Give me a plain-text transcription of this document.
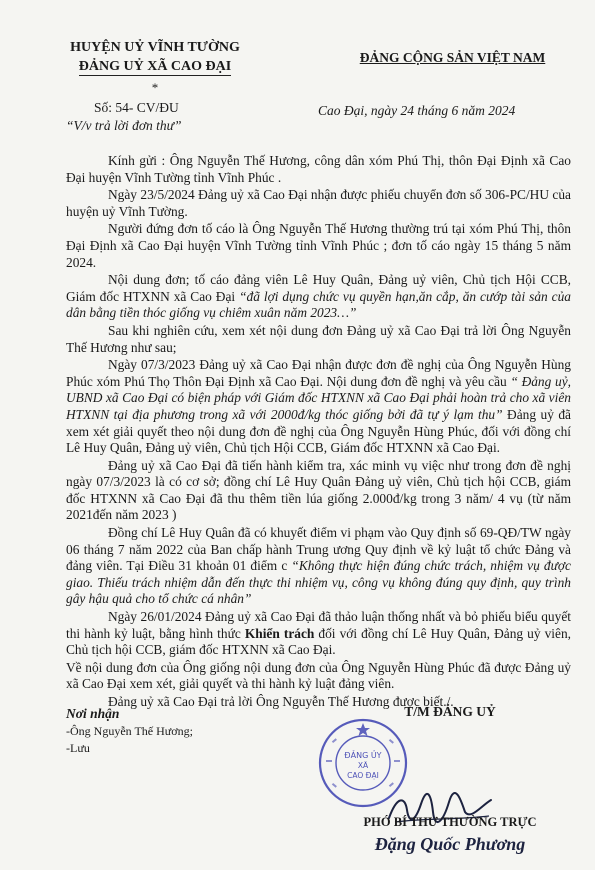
HUYỆN UỶ VĨNH TƯỜNG
ĐẢNG UỶ XÃ CAO ĐẠI
*
ĐẢNG CỘNG SẢN VIỆT NAM
Số: 54- CV/ĐU
“V/v trả lời đơn thư”
Cao Đại, ngày 24 tháng 6 năm 2024

Kính gửi : Ông Nguyễn Thế Hương, công dân xóm Phú Thị, thôn Đại Định xã Cao Đại huyện Vĩnh Tường tỉnh Vĩnh Phúc .

Ngày 23/5/2024 Đảng uỷ xã Cao Đại nhận được phiếu chuyển đơn số 306-PC/HU của huyện uỷ Vĩnh Tường.

Người đứng đơn tố cáo là Ông Nguyễn Thế Hương thường trú tại xóm Phú Thị, thôn Đại Định xã Cao Đại huyện Vĩnh Tường tỉnh Vĩnh Phúc ; đơn tố cáo ngày 15 tháng 5 năm 2024.

Nội dung đơn; tố cáo đảng viên Lê Huy Quân, Đảng uỷ viên, Chủ tịch Hội CCB, Giám đốc HTXNN xã Cao Đại “đã lợi dụng chức vụ quyền hạn,ăn cắp, ăn cướp tài sản của dân bằng tiền thóc giống vụ chiêm xuân năm 2023…”

Sau khi nghiên cứu, xem xét nội dung đơn Đảng uỷ xã Cao Đại trả lời Ông Nguyễn Thế Hương như sau;

Ngày 07/3/2023 Đảng uỷ xã Cao Đại nhận được đơn đề nghị của Ông Nguyễn Hùng Phúc xóm Phú Thọ Thôn Đại Định xã Cao Đại. Nội dung đơn đề nghị và yêu cầu “ Đảng uỷ, UBND xã Cao Đại có biện pháp với Giám đốc HTXNN xã Cao Đại phải hoàn trả cho xã viên HTXNN tại địa phương trong xã với 2000đ/kg thóc giống bởi đã tự ý lạm thu” Đảng uỷ đã xem xét giải quyết theo nội dung đơn đề nghị của Ông Nguyễn Hùng Phúc, đối với đồng chí Lê Huy Quân, Đảng uỷ viên, Chủ tịch Hội CCB, Giám đốc HTXNN xã Cao Đại.

Đảng uỷ xã Cao Đại đã tiến hành kiểm tra, xác minh vụ việc như trong đơn đề nghị ngày 07/3/2023 là có cơ sở; đồng chí Lê Huy Quân Đảng uỷ viên, Chủ tịch hội CCB, giám đốc HTXNN xã Cao Đại đã thu thêm tiền lúa giống 2.000đ/kg trong 3 năm/ 4 vụ (từ năm 2021đến năm 2023 )

Đồng chí Lê Huy Quân đã có khuyết điểm vi phạm vào Quy định số 69-QĐ/TW ngày 06 tháng 7 năm 2022 của Ban chấp hành Trung ương Quy định về kỷ luật tổ chức Đảng và đảng viên. Tại Điều 31 khoản 01 điểm c “Không thực hiện đúng chức trách, nhiệm vụ được giao. Thiếu trách nhiệm dẫn đến thực thi nhiệm vụ, công vụ không đúng quy định, quy trình gây hậu quả cho tổ chức cá nhân”

Ngày 26/01/2024 Đảng uỷ xã Cao Đại đã thảo luận thống nhất và bỏ phiếu biểu quyết thi hành kỷ luật, bằng hình thức Khiển trách đối với đồng chí Lê Huy Quân, Đảng uỷ viên, Chủ tịch hội CCB, giám đốc HTXNN xã Cao Đại.

Về nội dung đơn của Ông giống nội dung đơn của Ông Nguyễn Hùng Phúc đã được Đảng uỷ xã Cao Đại xem xét, giải quyết và thi hành kỷ luật đảng viên.

Đảng uỷ xã Cao Đại trả lời Ông Nguyễn Thế Hương được biết./.

Nơi nhận
-Ông Nguyễn Thế Hương;
-Lưu
T/M ĐẢNG UỶ
ĐẢNG ỦY
XÃ
CAO ĐẠI
PHÓ BÍ THƯ THƯỜNG TRỰC
Đặng Quốc Phương
